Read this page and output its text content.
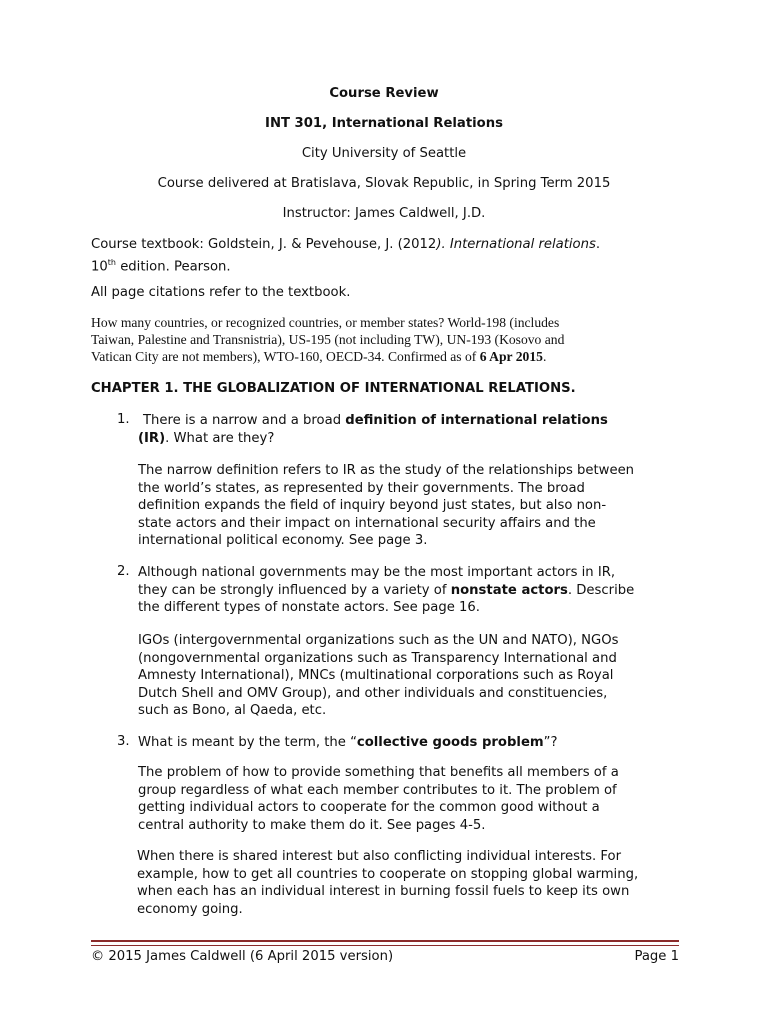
Course Review
INT 301, International Relations
City University of Seattle
Course delivered at Bratislava, Slovak Republic, in Spring Term 2015
Instructor: James Caldwell, J.D.
Course textbook: Goldstein, J. & Pevehouse, J. (2012). International relations.
10th edition. Pearson.
All page citations refer to the textbook.
How many countries, or recognized countries, or member states? World-198 (includes
Taiwan, Palestine and Transnistria), US-195 (not including TW), UN-193 (Kosovo and
Vatican City are not members), WTO-160, OECD-34. Confirmed as of 6 Apr 2015.
CHAPTER 1. THE GLOBALIZATION OF INTERNATIONAL RELATIONS.
1. There is a narrow and a broad definition of international relations
(IR). What are they?
The narrow definition refers to IR as the study of the relationships between
the world’s states, as represented by their governments. The broad
definition expands the field of inquiry beyond just states, but also non-
state actors and their impact on international security affairs and the
international political economy. See page 3.
2. Although national governments may be the most important actors in IR,
they can be strongly influenced by a variety of nonstate actors. Describe
the different types of nonstate actors. See page 16.
IGOs (intergovernmental organizations such as the UN and NATO), NGOs
(nongovernmental organizations such as Transparency International and
Amnesty International), MNCs (multinational corporations such as Royal
Dutch Shell and OMV Group), and other individuals and constituencies,
such as Bono, al Qaeda, etc.
3. What is meant by the term, the “collective goods problem”?
The problem of how to provide something that benefits all members of a
group regardless of what each member contributes to it. The problem of
getting individual actors to cooperate for the common good without a
central authority to make them do it. See pages 4-5.
When there is shared interest but also conflicting individual interests. For
example, how to get all countries to cooperate on stopping global warming,
when each has an individual interest in burning fossil fuels to keep its own
economy going.
© 2015 James Caldwell (6 April 2015 version)	Page 1
